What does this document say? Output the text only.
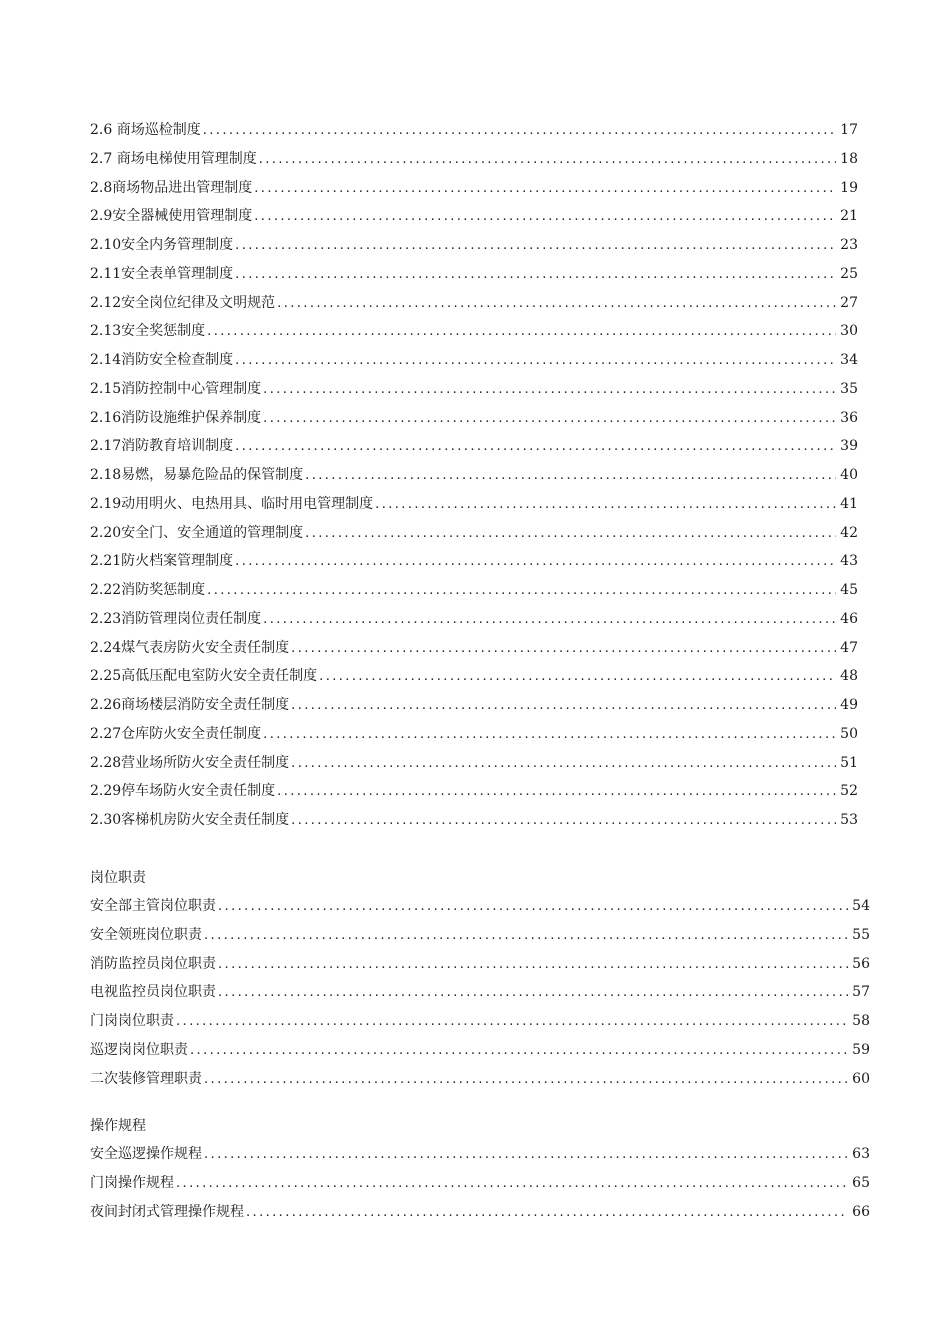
2.6 商场巡检制度 .....	17
2.7 商场电梯使用管理制度 .....	18
2.8商场物品进出管理制度 .....	19
2.9安全器械使用管理制度 .....	21
2.10安全内务管理制度 .....	23
2.11安全表单管理制度 .....	25
2.12安全岗位纪律及文明规范 .....	27
2.13安全奖惩制度 .....	30
2.14消防安全检查制度 .....	34
2.15消防控制中心管理制度 .....	35
2.16消防设施维护保养制度 .....	36
2.17消防教育培训制度 .....	39
2.18易燃，易暴危险品的保管制度 .....	40
2.19动用明火、电热用具、临时用电管理制度 .....	41
2.20安全门、安全通道的管理制度 .....	42
2.21防火档案管理制度 .....	43
2.22消防奖惩制度 .....	45
2.23消防管理岗位责任制度 .....	46
2.24煤气表房防火安全责任制度 .....	47
2.25高低压配电室防火安全责任制度 .....	48
2.26商场楼层消防安全责任制度 .....	49
2.27仓库防火安全责任制度 .....	50
2.28营业场所防火安全责任制度 .....	51
2.29停车场防火安全责任制度 .....	52
2.30客梯机房防火安全责任制度 .....	53
岗位职责
安全部主管岗位职责 .....	54
安全领班岗位职责 .....	55
消防监控员岗位职责 .....	56
电视监控员岗位职责 .....	57
门岗岗位职责 .....	58
巡逻岗岗位职责 .....	59
二次装修管理职责 .....	60
操作规程
安全巡逻操作规程 .....	63
门岗操作规程 .....	65
夜间封闭式管理操作规程 .....	66
